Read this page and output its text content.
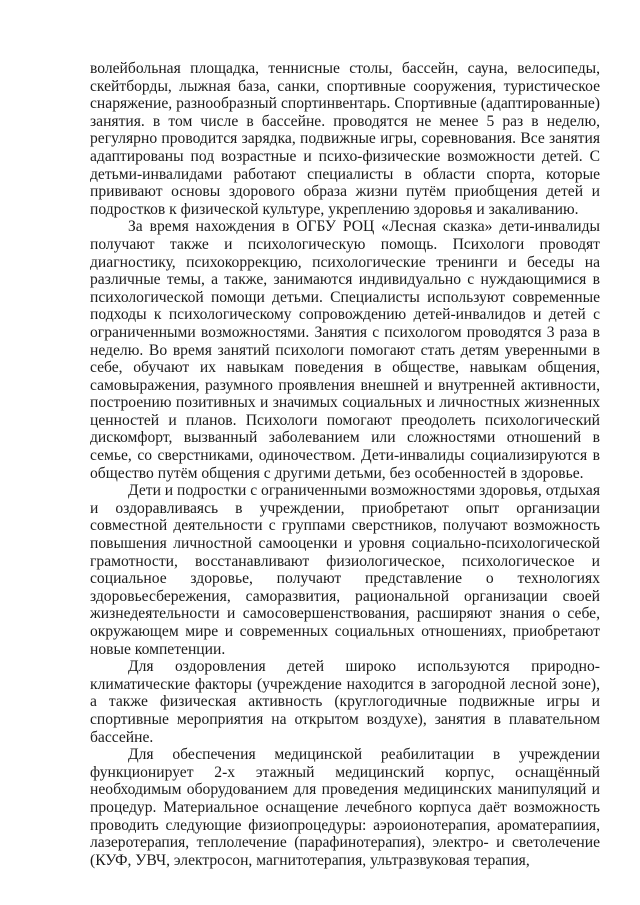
волейбольная площадка, теннисные столы, бассейн, сауна, велосипеды, скейтборды, лыжная база, санки, спортивные сооружения, туристическое снаряжение, разнообразный спортинвентарь. Спортивные (адаптированные) занятия. в том числе в бассейне. проводятся не менее 5 раз в неделю, регулярно проводится зарядка, подвижные игры, соревнования. Все занятия адаптированы под возрастные и психо-физические возможности детей. С детьми-инвалидами работают специалисты в области спорта, которые прививают основы здорового образа жизни путём приобщения детей и подростков к физической культуре, укреплению здоровья и закаливанию.

За время нахождения в ОГБУ РОЦ «Лесная сказка» дети-инвалиды получают также и психологическую помощь. Психологи проводят диагностику, психокоррекцию, психологические тренинги и беседы на различные темы, а также, занимаются индивидуально с нуждающимися в психологической помощи детьми. Специалисты используют современные подходы к психологическому сопровождению детей-инвалидов и детей с ограниченными возможностями. Занятия с психологом проводятся 3 раза в неделю. Во время занятий психологи помогают стать детям уверенными в себе, обучают их навыкам поведения в обществе, навыкам общения, самовыражения, разумного проявления внешней и внутренней активности, построению позитивных и значимых социальных и личностных жизненных ценностей и планов. Психологи помогают преодолеть психологический дискомфорт, вызванный заболеванием или сложностями отношений в семье, со сверстниками, одиночеством. Дети-инвалиды социализируются в общество путём общения с другими детьми, без особенностей в здоровье.

Дети и подростки с ограниченными возможностями здоровья, отдыхая и оздоравливаясь в учреждении, приобретают опыт организации совместной деятельности с группами сверстников, получают возможность повышения личностной самооценки и уровня социально-психологической грамотности, восстанавливают физиологическое, психологическое и социальное здоровье, получают представление о технологиях здоровьесбережения, саморазвития, рациональной организации своей жизнедеятельности и самосовершенствования, расширяют знания о себе, окружающем мире и современных социальных отношениях, приобретают новые компетенции.

Для оздоровления детей широко используются природно-климатические факторы (учреждение находится в загородной лесной зоне), а также физическая активность (круглогодичные подвижные игры и спортивные мероприятия на открытом воздухе), занятия в плавательном бассейне.

Для обеспечения медицинской реабилитации в учреждении функционирует 2-х этажный медицинский корпус, оснащённый необходимым оборудованием для проведения медицинских манипуляций и процедур. Материальное оснащение лечебного корпуса даёт возможность проводить следующие физиопроцедуры: аэроионотерапия, ароматерапиия, лазеротерапия, теплолечение (парафинотерапия), электро- и светолечение (КУФ, УВЧ, электросон, магнитотерапия, ультразвуковая терапия,
